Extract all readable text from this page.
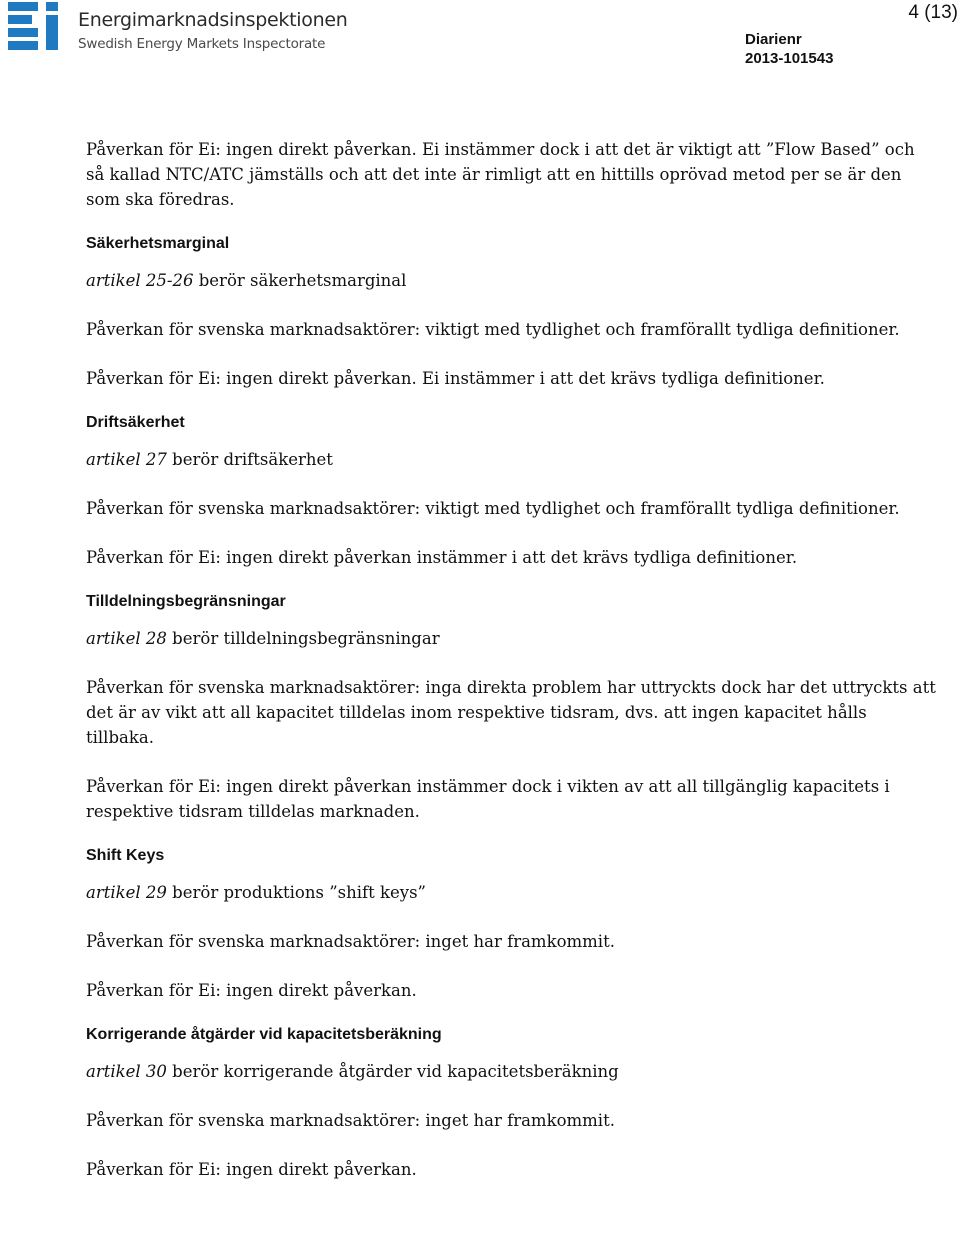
Energimarknadsinspektionen
Swedish Energy Markets Inspectorate
4 (13)
Diarienr
2013-101543

Påverkan för Ei: ingen direkt påverkan. Ei instämmer dock i att det är viktigt att ”Flow Based” och så kallad NTC/ATC jämställs och att det inte är rimligt att en hittills oprövad metod per se är den som ska föredras.

Säkerhetsmarginal

artikel 25-26 berör säkerhetsmarginal

Påverkan för svenska marknadsaktörer: viktigt med tydlighet och framförallt tydliga definitioner.

Påverkan för Ei: ingen direkt påverkan. Ei instämmer i att det krävs tydliga definitioner.

Driftsäkerhet

artikel 27 berör driftsäkerhet

Påverkan för svenska marknadsaktörer: viktigt med tydlighet och framförallt tydliga definitioner.

Påverkan för Ei: ingen direkt påverkan instämmer i att det krävs tydliga definitioner.

Tilldelningsbegränsningar

artikel 28 berör tilldelningsbegränsningar

Påverkan för svenska marknadsaktörer: inga direkta problem har uttryckts dock har det uttryckts att det är av vikt att all kapacitet tilldelas inom respektive tidsram, dvs. att ingen kapacitet hålls tillbaka.

Påverkan för Ei: ingen direkt påverkan instämmer dock i vikten av att all tillgänglig kapacitets i respektive tidsram tilldelas marknaden.

Shift Keys

artikel 29 berör produktions ”shift keys”

Påverkan för svenska marknadsaktörer: inget har framkommit.

Påverkan för Ei: ingen direkt påverkan.

Korrigerande åtgärder vid kapacitetsberäkning

artikel 30 berör korrigerande åtgärder vid kapacitetsberäkning

Påverkan för svenska marknadsaktörer: inget har framkommit.

Påverkan för Ei: ingen direkt påverkan.
